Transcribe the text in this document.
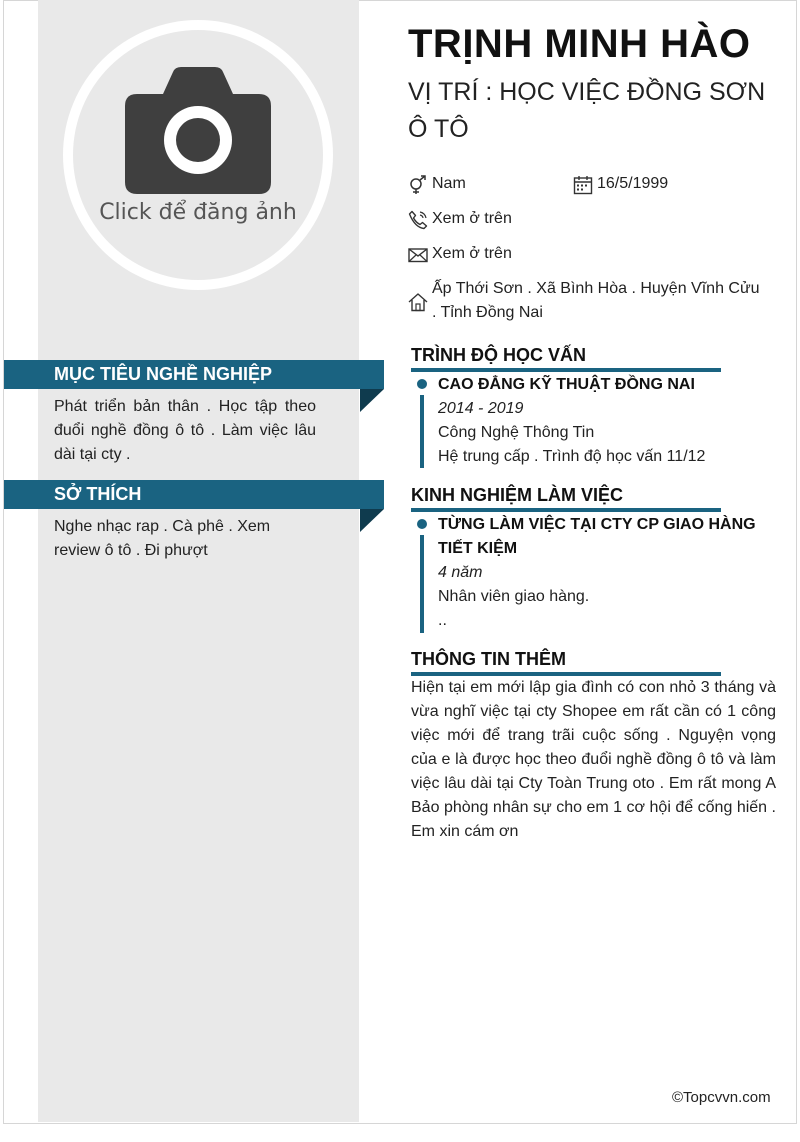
Click để đăng ảnh
MỤC TIÊU NGHỀ NGHIỆP
Phát triển bản thân . Học tập theo đuổi nghề đồng ô tô . Làm việc lâu dài tại cty .
SỞ THÍCH
Nghe nhạc rap . Cà phê . Xem review ô tô . Đi phượt
TRỊNH MINH HÀO
VỊ TRÍ : HỌC VIỆC ĐỒNG SƠN Ô TÔ
Nam	16/5/1999
Xem ở trên
Xem ở trên
Ấp Thới Sơn . Xã Bình Hòa . Huyện Vĩnh Cửu . Tỉnh Đồng Nai
TRÌNH ĐỘ HỌC VẤN
CAO ĐẲNG KỸ THUẬT ĐỒNG NAI
2014 - 2019
Công Nghệ Thông Tin
Hệ trung cấp . Trình độ học vấn 11/12
KINH NGHIỆM LÀM VIỆC
TỪNG LÀM VIỆC TẠI CTY CP GIAO HÀNG TIẾT KIỆM
4 năm
Nhân viên giao hàng.
..
THÔNG TIN THÊM
Hiện tại em mới lập gia đình có con nhỏ 3 tháng và vừa nghĩ việc tại cty Shopee em rất cần có 1 công việc mới để trang trãi cuộc sống . Nguyện vọng của e là được học theo đuổi nghề đồng ô tô và làm việc lâu dài tại Cty Toàn Trung oto . Em rất mong A Bảo phòng nhân sự cho em 1 cơ hội để cống hiến . Em xin cám ơn
©Topcvvn.com
